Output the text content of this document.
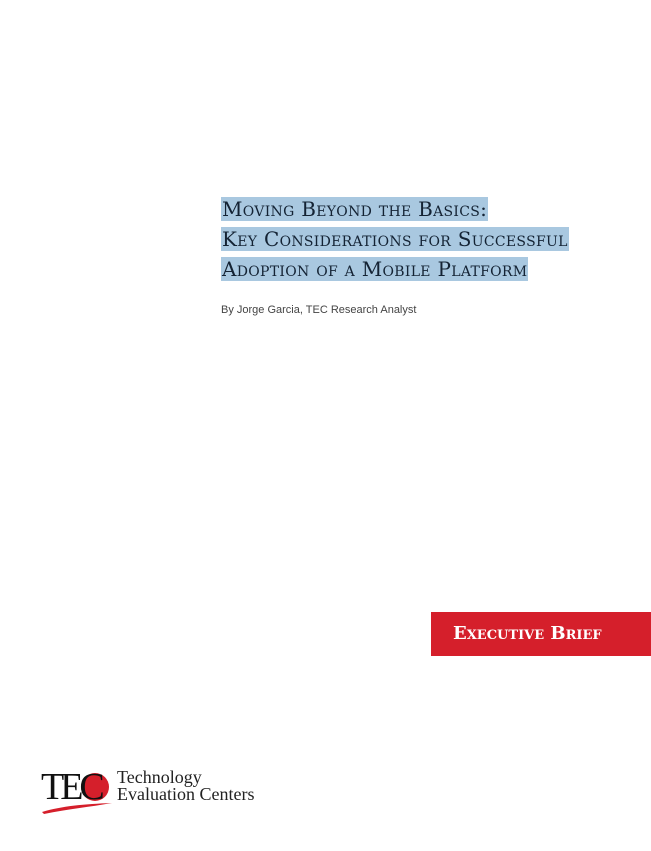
Moving Beyond the Basics:
Key Considerations for Successful
Adoption of a Mobile Platform
By Jorge Garcia, TEC Research Analyst
Executive Brief
TEC Technology
Evaluation Centers
